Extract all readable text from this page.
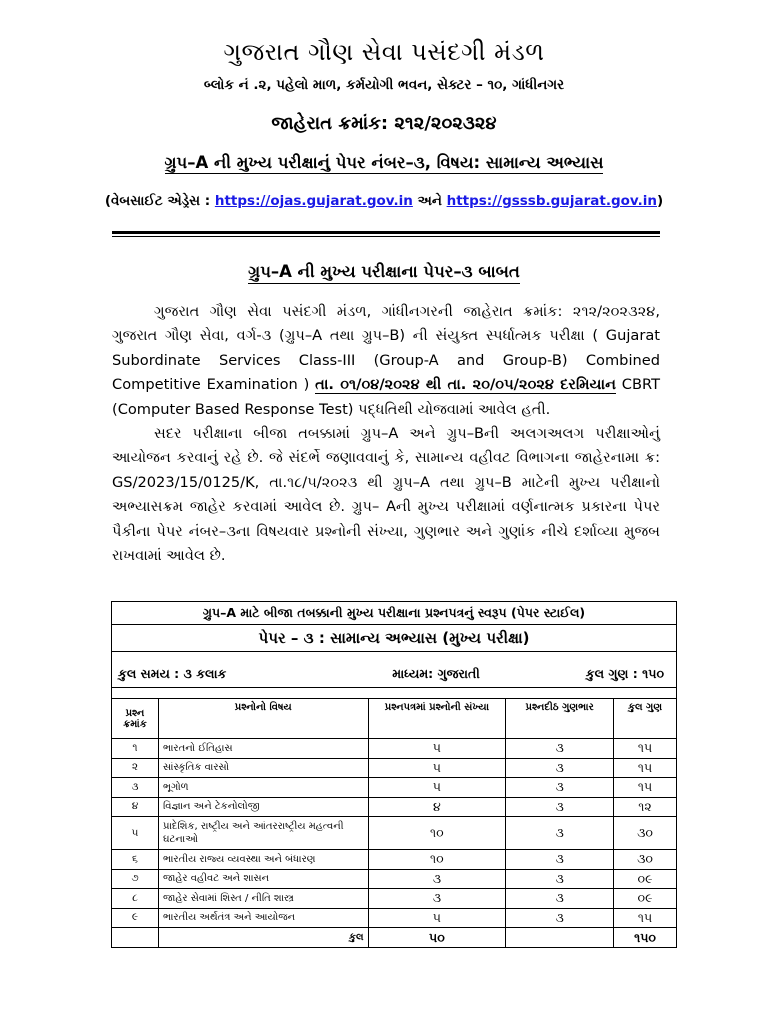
ગુજરાત ગૌણ સેવા પસંદગી મંડળ
બ્લોક નં .૨, પહેલો માળ, કર્મયોગી ભવન, સેક્ટર – ૧૦, ગાંધીનગર
જાહેરાત ક્રમાંક: ૨૧૨/૨૦૨૩૨૪
ગ્રુપ–A ની મુખ્ય પરીક્ષાનું પેપર નંબર–૩, વિષય: સામાન્ય અભ્યાસ
(વેબસાઈટ એડ્રેસ : https://ojas.gujarat.gov.in અને https://gsssb.gujarat.gov.in)
ગ્રુપ–A ની મુખ્ય પરીક્ષાના પેપર–૩ બાબત

ગુજરાત ગૌણ સેવા પસંદગી મંડળ, ગાંધીનગરની જાહેરાત ક્રમાંક: ૨૧૨/૨૦૨૩૨૪, ગુજરાત ગૌણ સેવા, વર્ગ-૩ (ગ્રુપ–A તથા ગ્રુપ–B) ની સંયુક્ત સ્પર્ધાત્મક પરીક્ષા ( Gujarat Subordinate Services Class-III (Group-A and Group-B) Combined Competitive Examination ) તા. ૦૧/૦૪/૨૦૨૪ થી તા. ૨૦/૦૫/૨૦૨૪ દરમિયાન CBRT (Computer Based Response Test) પદ્ધતિથી યોજવામાં આવેલ હતી.

સદર પરીક્ષાના બીજા તબક્કામાં ગ્રુપ–A અને ગ્રુપ–Bની અલગઅલગ પરીક્ષાઓનું આયોજન કરવાનું રહે છે. જે સંદર્ભે જણાવવાનું કે, સામાન્ય વહીવટ વિભાગના જાહેરનામા ક્ર: GS/2023/15/0125/K, તા.૧૮/૫/૨૦૨૩ થી ગ્રુપ–A તથા ગ્રુપ–B માટેની મુખ્ય પરીક્ષાનો અભ્યાસક્રમ જાહેર કરવામાં આવેલ છે. ગ્રુપ– Aની મુખ્ય પરીક્ષામાં વર્ણનાત્મક પ્રકારના પેપર પૈકીના પેપર નંબર–૩ના વિષયવાર પ્રશ્નોની સંખ્યા, ગુણભાર અને ગુણાંક નીચે દર્શાવ્યા મુજબ રાખવામાં આવેલ છે.

ગ્રુપ–A માટે બીજા તબક્કાની મુખ્ય પરીક્ષાના પ્રશ્નપત્રનું સ્વરૂપ (પેપર સ્ટાઈલ)				
પેપર – ૩ : સામાન્ય અભ્યાસ (મુખ્ય પરીક્ષા)				

કુલ સમય : ૩ કલાક માધ્યમ: ગુજરાતી કુલ ગુણ : ૧૫૦				

પ્રશ્ન ક્રમાંક	પ્રશ્નોનો વિષય	પ્રશ્નપત્રમાં પ્રશ્નોની સંખ્યા	પ્રશ્નદીઠ ગુણભાર	કુલ ગુણ
૧	ભારતનો ઈતિહાસ	૫	૩	૧૫
૨	સાંસ્કૃતિક વારસો	૫	૩	૧૫
૩	ભૂગોળ	૫	૩	૧૫
૪	વિજ્ઞાન અને ટેકનોલોજી	૪	૩	૧૨
૫	પ્રાદેશિક, રાષ્ટ્રીય અને આંતરરાષ્ટ્રીય મહત્વની ઘટનાઓ	૧૦	૩	૩૦
૬	ભારતીય રાજ્ય વ્યવસ્થા અને બંધારણ	૧૦	૩	૩૦
૭	જાહેર વહીવટ અને શાસન	૩	૩	૦૯
૮	જાહેર સેવામાં શિસ્ત / નીતિ શાસ્ત્ર	૩	૩	૦૯
૯	ભારતીય અર્થતંત્ર અને આયોજન	૫	૩	૧૫
	કુલ	૫૦		૧૫૦
